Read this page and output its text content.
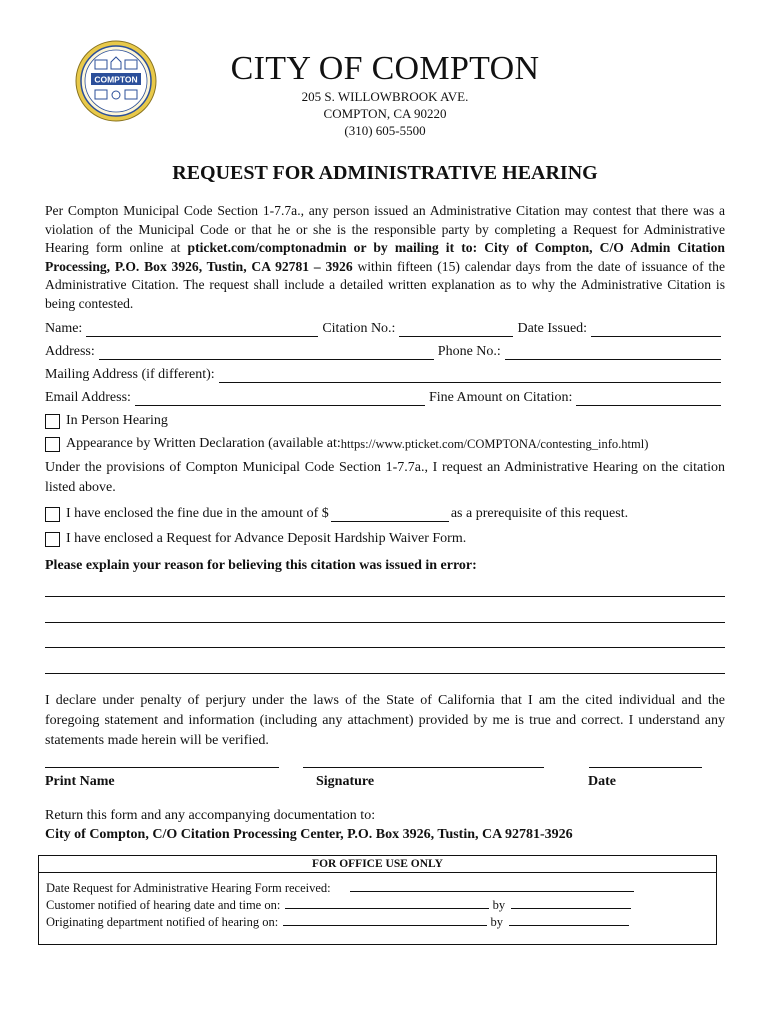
COMPTON	CITY OF COMPTON
205 S. WILLOWBROOK AVE.
COMPTON, CA 90220
(310) 605-5500
REQUEST FOR ADMINISTRATIVE HEARING
Per Compton Municipal Code Section 1-7.7a., any person issued an Administrative Citation may contest that there was a violation of the Municipal Code or that he or she is the responsible party by completing a Request for Administrative Hearing form online at pticket.com/comptonadmin or by mailing it to: City of Compton, C/O Admin Citation Processing, P.O. Box 3926, Tustin, CA 92781 – 3926 within fifteen (15) calendar days from the date of issuance of the Administrative Citation. The request shall include a detailed written explanation as to why the Administrative Citation is being contested.
Name:	Citation No.:	Date Issued:
Address:	Phone No.:
Mailing Address (if different):
Email Address:	Fine Amount on Citation:
In Person Hearing
Appearance by Written Declaration (available at: https://www.pticket.com/COMPTONA/contesting_info.html)
Under the provisions of Compton Municipal Code Section 1-7.7a., I request an Administrative Hearing on the citation listed above.
I have enclosed the fine due in the amount of $	as a prerequisite of this request.
I have enclosed a Request for Advance Deposit Hardship Waiver Form.
Please explain your reason for believing this citation was issued in error:
I declare under penalty of perjury under the laws of the State of California that I am the cited individual and the foregoing statement and information (including any attachment) provided by me is true and correct. I understand any statements made herein will be verified.
Print Name	Signature	Date
Return this form and any accompanying documentation to:
City of Compton, C/O Citation Processing Center, P.O. Box 3926, Tustin, CA 92781-3926
FOR OFFICE USE ONLY
Date Request for Administrative Hearing Form received:
Customer notified of hearing date and time on:	by
Originating department notified of hearing on:	by
